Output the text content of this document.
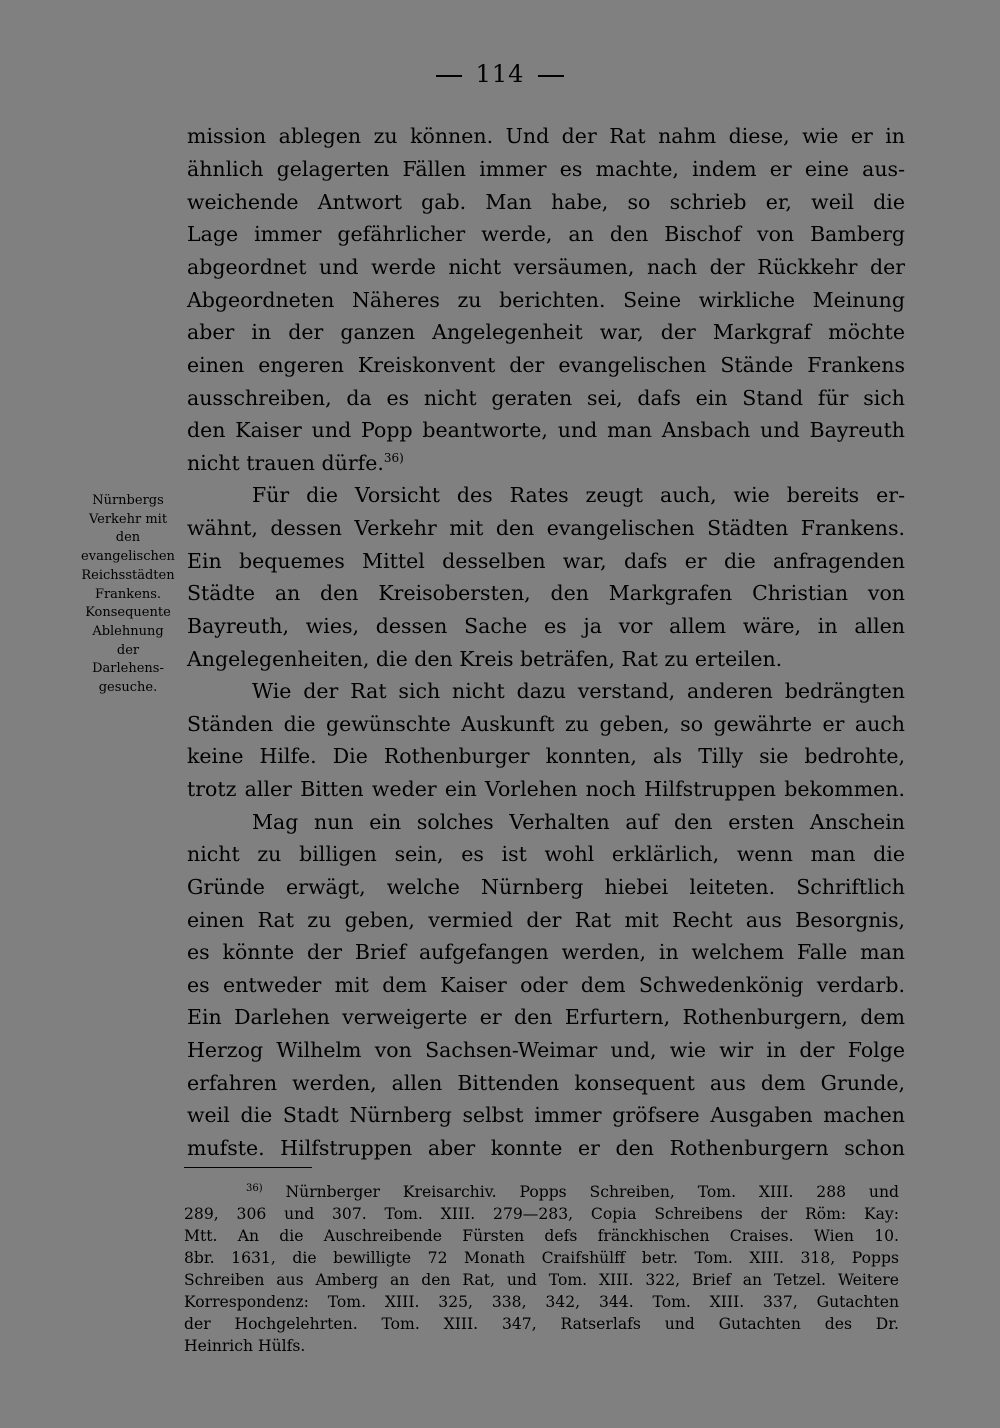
114
mission ablegen zu können. Und der Rat nahm diese, wie er in
ähnlich gelagerten Fällen immer es machte, indem er eine aus-
weichende Antwort gab. Man habe, so schrieb er, weil die
Lage immer gefährlicher werde, an den Bischof von Bamberg
abgeordnet und werde nicht versäumen, nach der Rückkehr der
Abgeordneten Näheres zu berichten. Seine wirkliche Meinung
aber in der ganzen Angelegenheit war, der Markgraf möchte
einen engeren Kreiskonvent der evangelischen Stände Frankens
ausschreiben, da es nicht geraten sei, dafs ein Stand für sich
den Kaiser und Popp beantworte, und man Ansbach und Bayreuth
nicht trauen dürfe.$^{36)}$
Für die Vorsicht des Rates zeugt auch, wie bereits er-
wähnt, dessen Verkehr mit den evangelischen Städten Frankens.
Ein bequemes Mittel desselben war, dafs er die anfragenden
Städte an den Kreisobersten, den Markgrafen Christian von
Bayreuth, wies, dessen Sache es ja vor allem wäre, in allen
Angelegenheiten, die den Kreis beträfen, Rat zu erteilen.
Wie der Rat sich nicht dazu verstand, anderen bedrängten
Ständen die gewünschte Auskunft zu geben, so gewährte er auch
keine Hilfe. Die Rothenburger konnten, als Tilly sie bedrohte,
trotz aller Bitten weder ein Vorlehen noch Hilfstruppen bekommen.
Mag nun ein solches Verhalten auf den ersten Anschein
nicht zu billigen sein, es ist wohl erklärlich, wenn man die
Gründe erwägt, welche Nürnberg hiebei leiteten. Schriftlich
einen Rat zu geben, vermied der Rat mit Recht aus Besorgnis,
es könnte der Brief aufgefangen werden, in welchem Falle man
es entweder mit dem Kaiser oder dem Schwedenkönig verdarb.
Ein Darlehen verweigerte er den Erfurtern, Rothenburgern, dem
Herzog Wilhelm von Sachsen-Weimar und, wie wir in der Folge
erfahren werden, allen Bittenden konsequent aus dem Grunde,
weil die Stadt Nürnberg selbst immer gröfsere Ausgaben machen
mufste. Hilfstruppen aber konnte er den Rothenburgern schon
Nürnbergs
Verkehr mit
den
evangelischen
Reichsstädten
Frankens.
Konsequente
Ablehnung
der
Darlehens-
gesuche.
$^{36)}$ Nürnberger Kreisarchiv. Popps Schreiben, Tom. XIII. 288 und
289, 306 und 307. Tom. XIII. 279—283, Copia Schreibens der Röm: Kay:
Mtt. An die Auschreibende Fürsten defs fränckhischen Craises. Wien 10.
8br. 1631, die bewilligte 72 Monath Craifshülff betr. Tom. XIII. 318, Popps
Schreiben aus Amberg an den Rat, und Tom. XIII. 322, Brief an Tetzel. Weitere
Korrespondenz: Tom. XIII. 325, 338, 342, 344. Tom. XIII. 337, Gutachten
der Hochgelehrten. Tom. XIII. 347, Ratserlafs und Gutachten des Dr.
Heinrich Hülfs.
